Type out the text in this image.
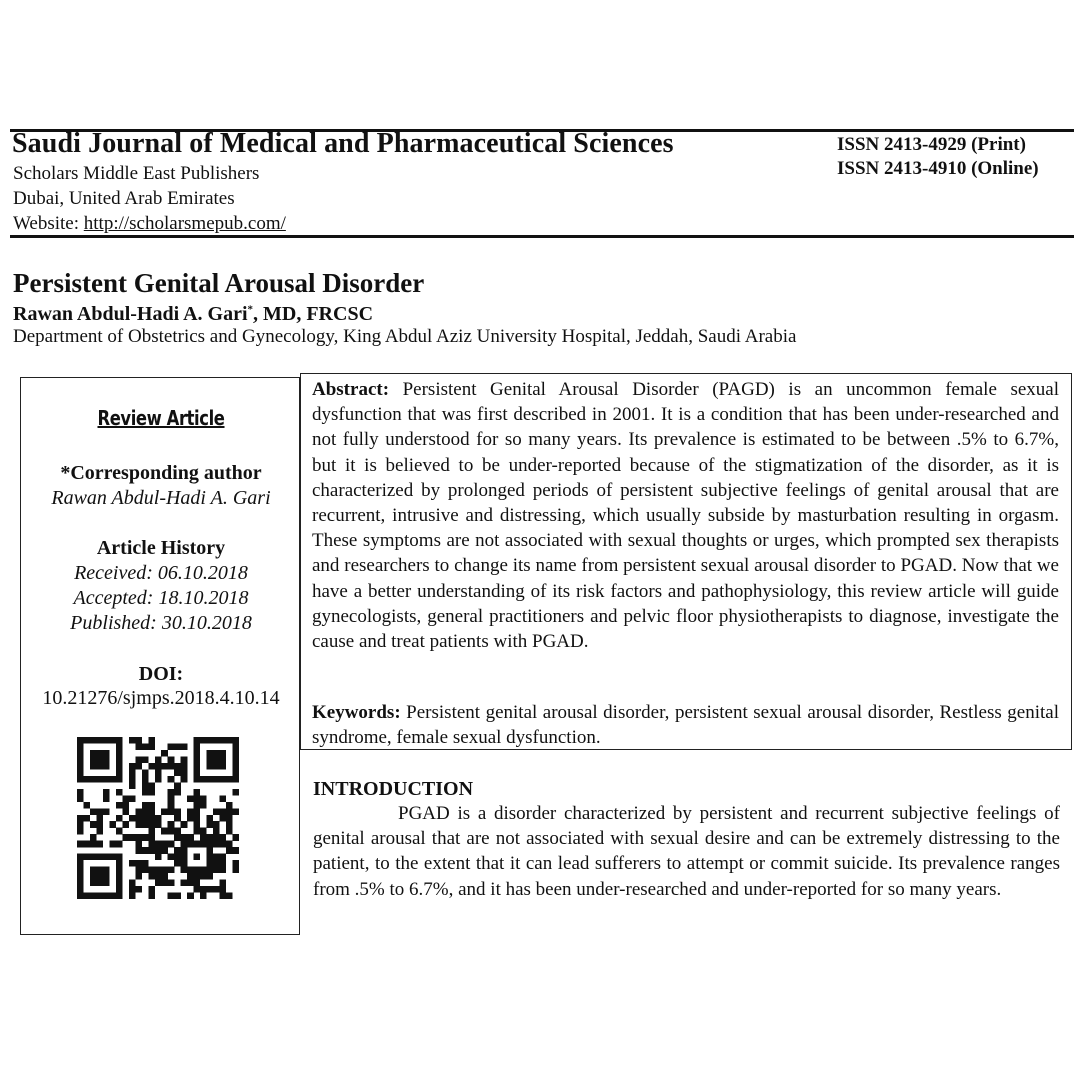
Saudi Journal of Medical and Pharmaceutical Sciences
Scholars Middle East Publishers
Dubai, United Arab Emirates
Website: http://scholarsmepub.com/
ISSN 2413-4929 (Print)
ISSN 2413-4910 (Online)
Persistent Genital Arousal Disorder
Rawan Abdul-Hadi A. Gari*, MD, FRCSC
Department of Obstetrics and Gynecology, King Abdul Aziz University Hospital, Jeddah, Saudi Arabia
Review Article
*Corresponding author
Rawan Abdul-Hadi A. Gari
Article History
Received: 06.10.2018
Accepted: 18.10.2018
Published: 30.10.2018
DOI:
10.21276/sjmps.2018.4.10.14
Abstract: Persistent Genital Arousal Disorder (PAGD) is an uncommon female sexual dysfunction that was first described in 2001. It is a condition that has been under-researched and not fully understood for so many years. Its prevalence is estimated to be between .5% to 6.7%, but it is believed to be under-reported because of the stigmatization of the disorder, as it is characterized by prolonged periods of persistent subjective feelings of genital arousal that are recurrent, intrusive and distressing, which usually subside by masturbation resulting in orgasm. These symptoms are not associated with sexual thoughts or urges, which prompted sex therapists and researchers to change its name from persistent sexual arousal disorder to PGAD. Now that we have a better understanding of its risk factors and pathophysiology, this review article will guide gynecologists, general practitioners and pelvic floor physiotherapists to diagnose, investigate the cause and treat patients with PGAD.
Keywords: Persistent genital arousal disorder, persistent sexual arousal disorder, Restless genital syndrome, female sexual dysfunction.
INTRODUCTION
PGAD is a disorder characterized by persistent and recurrent subjective feelings of genital arousal that are not associated with sexual desire and can be extremely distressing to the patient, to the extent that it can lead sufferers to attempt or commit suicide. Its prevalence ranges from .5% to 6.7%, and it has been under-researched and under-reported for so many years.
